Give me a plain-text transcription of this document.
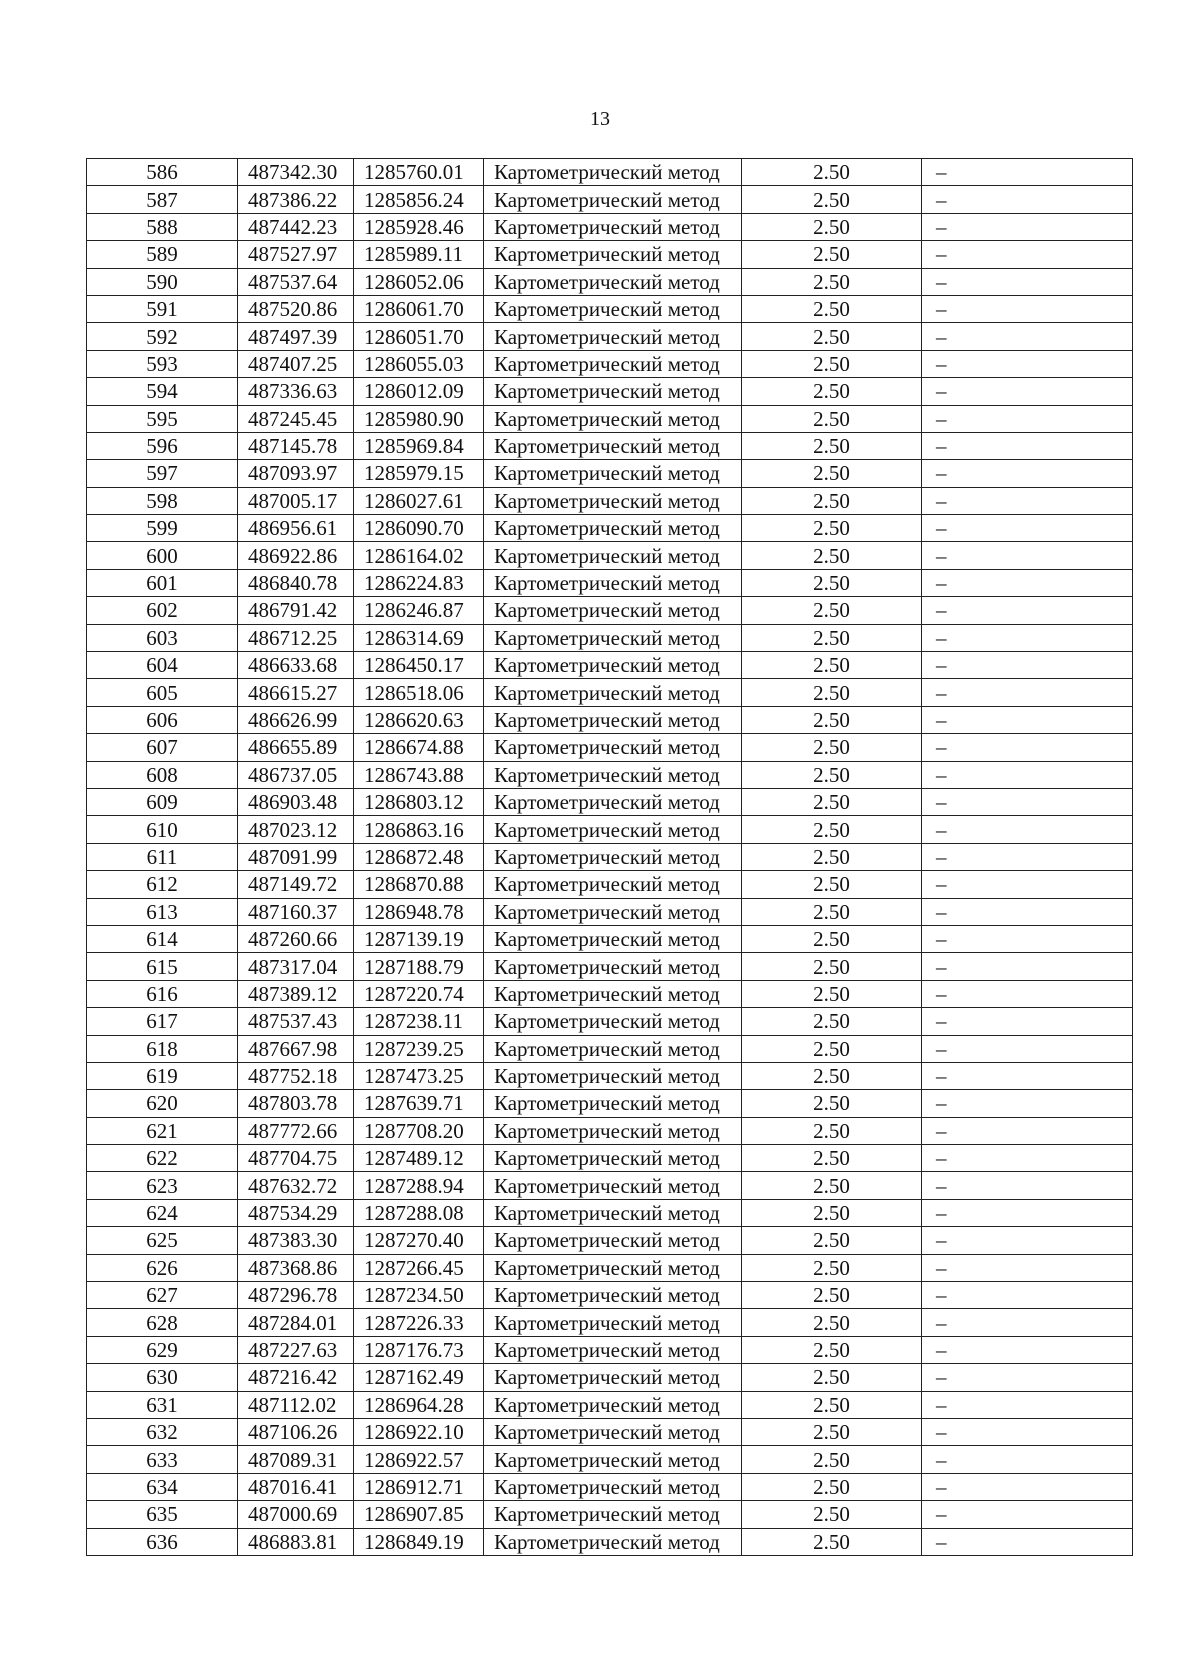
13
586	487342.30	1285760.01	Картометрический метод	2.50	–
587	487386.22	1285856.24	Картометрический метод	2.50	–
588	487442.23	1285928.46	Картометрический метод	2.50	–
589	487527.97	1285989.11	Картометрический метод	2.50	–
590	487537.64	1286052.06	Картометрический метод	2.50	–
591	487520.86	1286061.70	Картометрический метод	2.50	–
592	487497.39	1286051.70	Картометрический метод	2.50	–
593	487407.25	1286055.03	Картометрический метод	2.50	–
594	487336.63	1286012.09	Картометрический метод	2.50	–
595	487245.45	1285980.90	Картометрический метод	2.50	–
596	487145.78	1285969.84	Картометрический метод	2.50	–
597	487093.97	1285979.15	Картометрический метод	2.50	–
598	487005.17	1286027.61	Картометрический метод	2.50	–
599	486956.61	1286090.70	Картометрический метод	2.50	–
600	486922.86	1286164.02	Картометрический метод	2.50	–
601	486840.78	1286224.83	Картометрический метод	2.50	–
602	486791.42	1286246.87	Картометрический метод	2.50	–
603	486712.25	1286314.69	Картометрический метод	2.50	–
604	486633.68	1286450.17	Картометрический метод	2.50	–
605	486615.27	1286518.06	Картометрический метод	2.50	–
606	486626.99	1286620.63	Картометрический метод	2.50	–
607	486655.89	1286674.88	Картометрический метод	2.50	–
608	486737.05	1286743.88	Картометрический метод	2.50	–
609	486903.48	1286803.12	Картометрический метод	2.50	–
610	487023.12	1286863.16	Картометрический метод	2.50	–
611	487091.99	1286872.48	Картометрический метод	2.50	–
612	487149.72	1286870.88	Картометрический метод	2.50	–
613	487160.37	1286948.78	Картометрический метод	2.50	–
614	487260.66	1287139.19	Картометрический метод	2.50	–
615	487317.04	1287188.79	Картометрический метод	2.50	–
616	487389.12	1287220.74	Картометрический метод	2.50	–
617	487537.43	1287238.11	Картометрический метод	2.50	–
618	487667.98	1287239.25	Картометрический метод	2.50	–
619	487752.18	1287473.25	Картометрический метод	2.50	–
620	487803.78	1287639.71	Картометрический метод	2.50	–
621	487772.66	1287708.20	Картометрический метод	2.50	–
622	487704.75	1287489.12	Картометрический метод	2.50	–
623	487632.72	1287288.94	Картометрический метод	2.50	–
624	487534.29	1287288.08	Картометрический метод	2.50	–
625	487383.30	1287270.40	Картометрический метод	2.50	–
626	487368.86	1287266.45	Картометрический метод	2.50	–
627	487296.78	1287234.50	Картометрический метод	2.50	–
628	487284.01	1287226.33	Картометрический метод	2.50	–
629	487227.63	1287176.73	Картометрический метод	2.50	–
630	487216.42	1287162.49	Картометрический метод	2.50	–
631	487112.02	1286964.28	Картометрический метод	2.50	–
632	487106.26	1286922.10	Картометрический метод	2.50	–
633	487089.31	1286922.57	Картометрический метод	2.50	–
634	487016.41	1286912.71	Картометрический метод	2.50	–
635	487000.69	1286907.85	Картометрический метод	2.50	–
636	486883.81	1286849.19	Картометрический метод	2.50	–
